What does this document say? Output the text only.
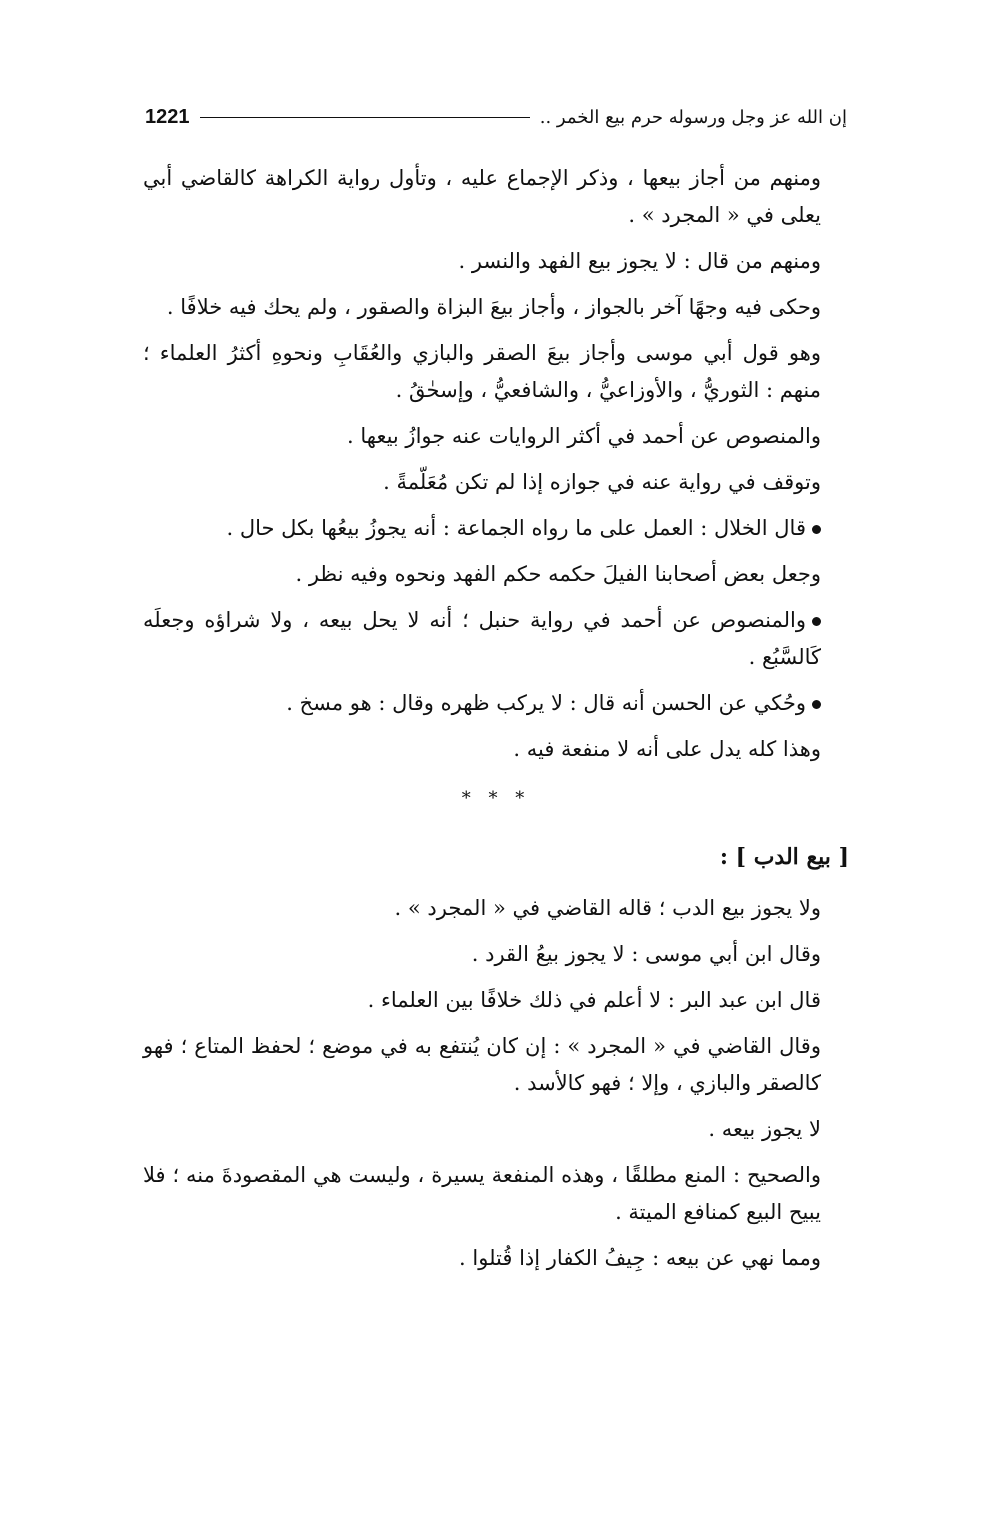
1221	إن الله عز وجل ورسوله حرم بيع الخمر ..
ومنهم من أجاز بيعها ، وذكر الإجماع عليه ، وتأول رواية الكراهة كالقاضي أبي يعلى في « المجرد » .
ومنهم من قال : لا يجوز بيع الفهد والنسر .
وحكى فيه وجهًا آخر بالجواز ، وأجاز بيعَ البزاة والصقور ، ولم يحك فيه خلافًا .
وهو قول أبي موسى وأجاز بيعَ الصقر والبازي والعُقَابِ ونحوهِ أكثرُ العلماء ؛ منهم : الثوريُّ ، والأوزاعيُّ ، والشافعيُّ ، وإسحٰقُ .
والمنصوص عن أحمد في أكثر الروايات عنه جوازُ بيعها .
وتوقف في رواية عنه في جوازه إذا لم تكن مُعَلّمةً .
قال الخلال : العمل على ما رواه الجماعة : أنه يجوزُ بيعُها بكل حال .
وجعل بعض أصحابنا الفيلَ حكمه حكم الفهد ونحوه وفيه نظر .
والمنصوص عن أحمد في رواية حنبل ؛ أنه لا يحل بيعه ، ولا شراؤه وجعلَه كَالسَّبُع .
وحُكي عن الحسن أنه قال : لا يركب ظهره وقال : هو مسخ .
وهذا كله يدل على أنه لا منفعة فيه .
* * *
[ بيع الدب ] :
ولا يجوز بيع الدب ؛ قاله القاضي في « المجرد » .
وقال ابن أبي موسى : لا يجوز بيعُ القرد .
قال ابن عبد البر : لا أعلم في ذلك خلافًا بين العلماء .
وقال القاضي في « المجرد » : إن كان يُنتفع به في موضع ؛ لحفظ المتاع ؛ فهو كالصقر والبازي ، وإلا ؛ فهو كالأسد .
لا يجوز بيعه .
والصحيح : المنع مطلقًا ، وهذه المنفعة يسيرة ، وليست هي المقصودةَ منه ؛ فلا يبيح البيع كمنافع الميتة .
ومما نهي عن بيعه : جِيفُ الكفار إذا قُتلوا .
